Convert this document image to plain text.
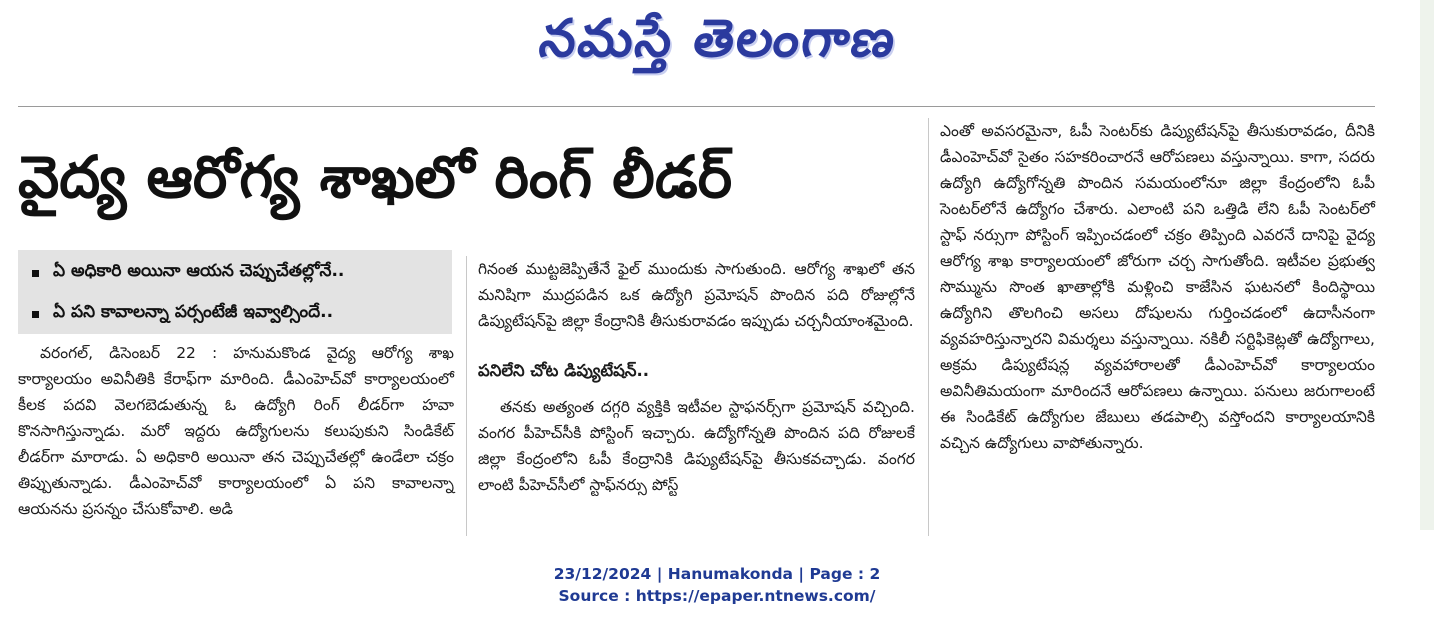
నమస్తే తెలంగాణ
వైద్య ఆరోగ్య శాఖలో రింగ్ లీడర్
ఏ అధికారి అయినా ఆయన చెప్పుచేతల్లోనే..
ఏ పని కావాలన్నా పర్సంటేజీ ఇవ్వాల్సిందే..

వరంగల్, డిసెంబర్ 22 : హనుమకొండ వైద్య ఆరోగ్య శాఖ కార్యాలయం అవినీతికి కేరాఫ్‌గా మారింది. డీఎంహెచ్‌వో కార్యాలయంలో కీలక పదవి వెలగబెడుతున్న ఓ ఉద్యోగి రింగ్ లీడర్‌గా హవా కొనసాగిస్తున్నాడు. మరో ఇద్దరు ఉద్యోగులను కలుపుకుని సిండికేట్ లీడర్‌గా మారాడు. ఏ అధికారి అయినా తన చెప్పుచేతల్లో ఉండేలా చక్రం తిప్పుతున్నాడు. డీఎంహెచ్‌వో కార్యాలయంలో ఏ పని కావాలన్నా ఆయనను ప్రసన్నం చేసుకోవాలి. అడి

గినంత ముట్టజెప్పితేనే ఫైల్ ముందుకు సాగుతుంది. ఆరోగ్య శాఖలో తన మనిషిగా ముద్రపడిన ఒక ఉద్యోగి ప్రమోషన్ పొందిన పది రోజుల్లోనే డిప్యుటేషన్‌పై జిల్లా కేంద్రానికి తీసుకురావడం ఇప్పుడు చర్చనీయాంశమైంది.

పనిలేని చోట డిప్యుటేషన్..

తనకు అత్యంత దగ్గరి వ్యక్తికి ఇటీవల స్టాఫనర్స్‌గా ప్రమోషన్ వచ్చింది. వంగర పీహెచ్‌సీకి పోస్టింగ్ ఇచ్చారు. ఉద్యోగోన్నతి పొందిన పది రోజులకే జిల్లా కేంద్రంలోని ఓపీ కేంద్రానికి డిప్యుటేషన్‌పై తీసుకవచ్చాడు. వంగర లాంటి పీహెచ్‌సీలో స్టాఫ్‌నర్సు పోస్ట్

ఎంతో అవసరమైనా, ఓపీ సెంటర్‌కు డిప్యుటేషన్‌పై తీసుకురావడం, దీనికి డీఎంహెచ్‌వో సైతం సహకరించారనే ఆరోపణలు వస్తున్నాయి. కాగా, సదరు ఉద్యోగి ఉద్యోగోన్నతి పొందిన సమయంలోనూ జిల్లా కేంద్రంలోని ఓపీ సెంటర్‌లోనే ఉద్యోగం చేశారు. ఎలాంటి పని ఒత్తిడి లేని ఓపీ సెంటర్‌లో స్టాఫ్ నర్సుగా పోస్టింగ్ ఇప్పించడంలో చక్రం తిప్పింది ఎవరనే దానిపై వైద్య ఆరోగ్య శాఖ కార్యాలయంలో జోరుగా చర్చ సాగుతోంది. ఇటీవల ప్రభుత్వ సొమ్మును సొంత ఖాతాల్లోకి మళ్లించి కాజేసిన ఘటనలో కిందిస్థాయి ఉద్యోగిని తొలగించి అసలు దోషులను గుర్తించడంలో ఉదాసీనంగా వ్యవహరిస్తున్నారని విమర్శలు వస్తున్నాయి. నకిలీ సర్టిఫికెట్లతో ఉద్యోగాలు, అక్రమ డిప్యుటేషన్ల వ్యవహారాలతో డీఎంహెచ్‌వో కార్యాలయం అవినీతిమయంగా మారిందనే ఆరోపణలు ఉన్నాయి. పనులు జరుగాలంటే ఈ సిండికేట్ ఉద్యోగుల జేబులు తడపాల్సి వస్తోందని కార్యాలయానికి వచ్చిన ఉద్యోగులు వాపోతున్నారు.

23/12/2024 | Hanumakonda | Page : 2
Source : https://epaper.ntnews.com/
